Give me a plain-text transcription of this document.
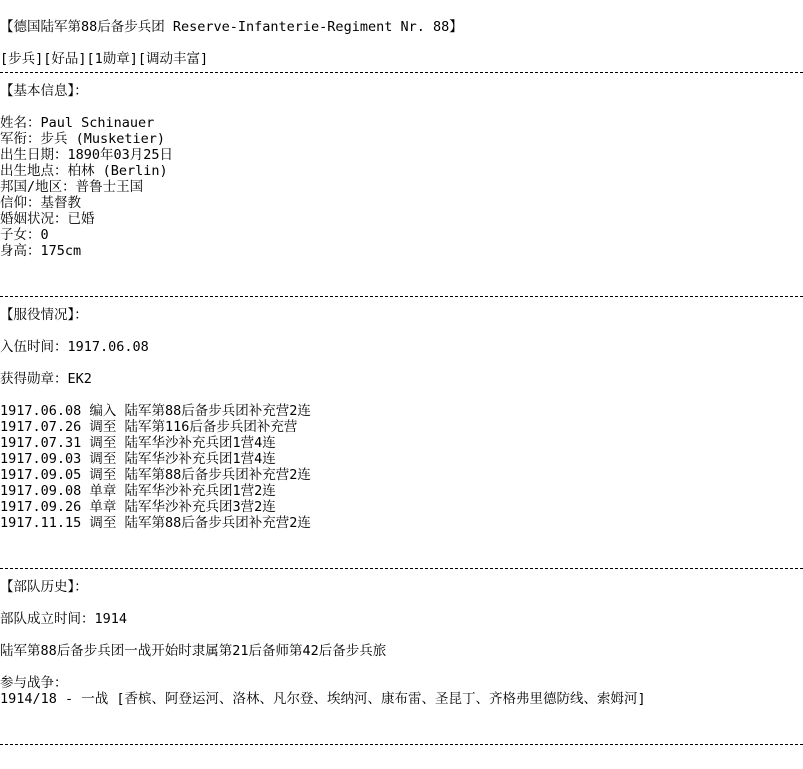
【德国陆军第88后备步兵团 Reserve-Infanterie-Regiment Nr. 88】
[步兵][好品][1勋章][调动丰富]
【基本信息】：
姓名：Paul Schinauer
军衔：步兵 (Musketier)
出生日期：1890年03月25日
出生地点：柏林 (Berlin)
邦国/地区：普鲁士王国
信仰：基督教
婚姻状况：已婚
子女：0
身高：175cm
【服役情况】：
入伍时间：1917.06.08
获得勋章：EK2
1917.06.08 编入 陆军第88后备步兵团补充营2连
1917.07.26 调至 陆军第116后备步兵团补充营
1917.07.31 调至 陆军华沙补充兵团1营4连
1917.09.03 调至 陆军华沙补充兵团1营4连
1917.09.05 调至 陆军第88后备步兵团补充营2连
1917.09.08 单章 陆军华沙补充兵团1营2连
1917.09.26 单章 陆军华沙补充兵团3营2连
1917.11.15 调至 陆军第88后备步兵团补充营2连
【部队历史】：
部队成立时间：1914
陆军第88后备步兵团一战开始时隶属第21后备师第42后备步兵旅
参与战争：
1914/18 - 一战 [香槟、阿登运河、洛林、凡尔登、埃纳河、康布雷、圣昆丁、齐格弗里德防线、索姆河]
